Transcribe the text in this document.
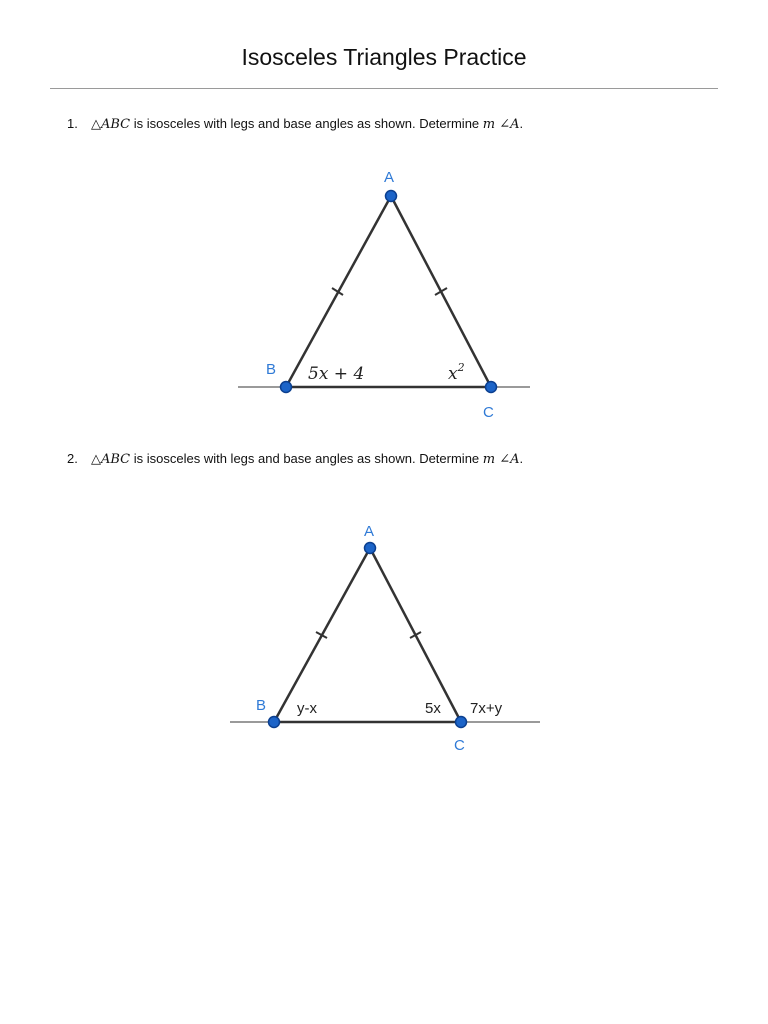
Isosceles Triangles Practice
1. △ABC is isosceles with legs and base angles as shown. Determine m ∠A.
A
B
C
5x + 4	$x^2$
2. △ABC is isosceles with legs and base angles as shown. Determine m ∠A.
A
B
C
y-x	5x 7x+y
